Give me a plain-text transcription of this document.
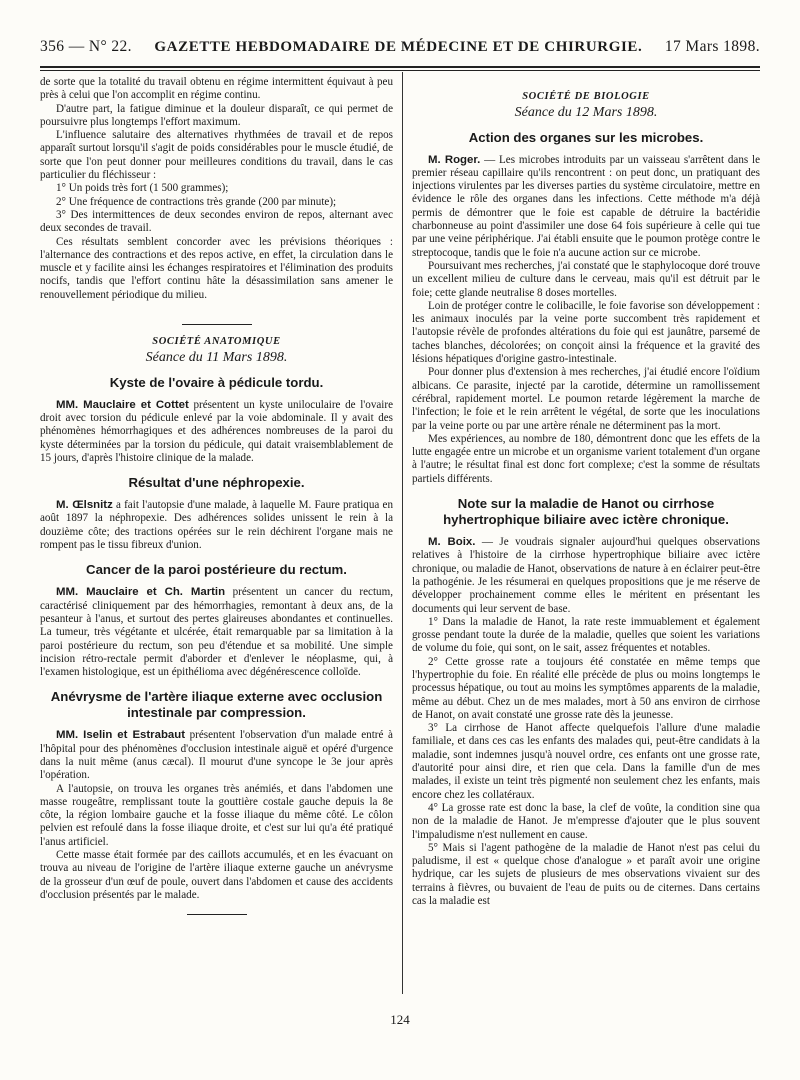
356 — N° 22. GAZETTE HEBDOMADAIRE DE MÉDECINE ET DE CHIRURGIE. 17 Mars 1898.

de sorte que la totalité du travail obtenu en régime intermittent équivaut à peu près à celui que l'on accomplit en régime continu.

D'autre part, la fatigue diminue et la douleur disparaît, ce qui permet de poursuivre plus longtemps l'effort maximum.

L'influence salutaire des alternatives rhythmées de travail et de repos apparaît surtout lorsqu'il s'agit de poids considérables pour le muscle étudié, de sorte que l'on peut donner pour meilleures conditions du travail, dans le cas particulier du fléchisseur :

1° Un poids très fort (1 500 grammes);

2° Une fréquence de contractions très grande (200 par minute);

3° Des intermittences de deux secondes environ de repos, alternant avec deux secondes de travail.

Ces résultats semblent concorder avec les prévisions théoriques : l'alternance des contractions et des repos active, en effet, la circulation dans le muscle et y facilite ainsi les échanges respiratoires et l'élimination des produits nocifs, tandis que l'effort continu hâte la désassimilation sans amener le renouvellement périodique du milieu.

SOCIÉTÉ ANATOMIQUE
Séance du 11 Mars 1898.
Kyste de l'ovaire à pédicule tordu.

MM. Mauclaire et Cottet présentent un kyste uniloculaire de l'ovaire droit avec torsion du pédicule enlevé par la voie abdominale. Il y avait des phénomènes hémorrhagiques et des adhérences nombreuses de la paroi du kyste déterminées par la torsion du pédicule, qui datait vraisemblablement de 15 jours, d'après l'histoire clinique de la malade.

Résultat d'une néphropexie.

M. Œlsnitz a fait l'autopsie d'une malade, à laquelle M. Faure pratiqua en août 1897 la néphropexie. Des adhérences solides unissent le rein à la douzième côte; des tractions opérées sur le rein déchirent l'organe mais ne rompent pas le tissu fibreux d'union.

Cancer de la paroi postérieure du rectum.

MM. Mauclaire et Ch. Martin présentent un cancer du rectum, caractérisé cliniquement par des hémorrhagies, remontant à deux ans, de la pesanteur à l'anus, et surtout des pertes glaireuses abondantes et continuelles. La tumeur, très végétante et ulcérée, était remarquable par sa limitation à la paroi postérieure du rectum, son peu d'étendue et sa mobilité. Une simple incision rétro-rectale permit d'aborder et d'enlever le néoplasme, qui, à l'examen histologique, est un épithélioma avec dégénérescence colloïde.

Anévrysme de l'artère iliaque externe avec occlusion intestinale par compression.

MM. Iselin et Estrabaut présentent l'observation d'un malade entré à l'hôpital pour des phénomènes d'occlusion intestinale aiguë et opéré d'urgence dans la nuit même (anus cæcal). Il mourut d'une syncope le 3e jour après l'opération.

A l'autopsie, on trouva les organes très anémiés, et dans l'abdomen une masse rougeâtre, remplissant toute la gouttière costale gauche depuis la 8e côte, la région lombaire gauche et la fosse iliaque du même côté. Le côlon pelvien est refoulé dans la fosse iliaque droite, et c'est sur lui qu'a été pratiqué l'anus artificiel.

Cette masse était formée par des caillots accumulés, et en les évacuant on trouva au niveau de l'origine de l'artère iliaque externe gauche un anévrysme de la grosseur d'un œuf de poule, ouvert dans l'abdomen et cause des accidents d'occlusion présentés par le malade.

SOCIÉTÉ DE BIOLOGIE
Séance du 12 Mars 1898.
Action des organes sur les microbes.

M. Roger. — Les microbes introduits par un vaisseau s'arrêtent dans le premier réseau capillaire qu'ils rencontrent : on peut donc, un pratiquant des injections virulentes par les diverses parties du système circulatoire, mettre en évidence le rôle des organes dans les infections. Cette méthode m'a déjà permis de démontrer que le foie est capable de détruire la bactéridie charbonneuse au point d'assimiler une dose 64 fois supérieure à celle qui tue par une veine périphérique. J'ai établi ensuite que le poumon protège contre le streptocoque, tandis que le foie n'a aucune action sur ce microbe.

Poursuivant mes recherches, j'ai constaté que le staphylocoque doré trouve un excellent milieu de culture dans le cerveau, mais qu'il est détruit par le foie; cette glande neutralise 8 doses mortelles.

Loin de protéger contre le colibacille, le foie favorise son développement : les animaux inoculés par la veine porte succombent très rapidement et l'autopsie révèle de profondes altérations du foie qui est jaunâtre, parsemé de taches blanches, décolorées; on conçoit ainsi la fréquence et la gravité des lésions hépatiques d'origine gastro-intestinale.

Pour donner plus d'extension à mes recherches, j'ai étudié encore l'oïdium albicans. Ce parasite, injecté par la carotide, détermine un ramollissement cérébral, rapidement mortel. Le poumon retarde légèrement la marche de l'infection; le foie et le rein arrêtent le végétal, de sorte que les inoculations par la veine porte ou par une artère rénale ne déterminent pas la mort.

Mes expériences, au nombre de 180, démontrent donc que les effets de la lutte engagée entre un microbe et un organisme varient totalement d'un organe à l'autre; le résultat final est donc fort complexe; c'est la somme de résultats partiels différents.

Note sur la maladie de Hanot ou cirrhose hyhertrophique biliaire avec ictère chronique.

M. Boix. — Je voudrais signaler aujourd'hui quelques observations relatives à l'histoire de la cirrhose hypertrophique biliaire avec ictère chronique, ou maladie de Hanot, observations de nature à en éclairer peut-être la pathogénie. Je les résumerai en quelques propositions que je me réserve de développer prochainement comme elles le méritent en présentant les documents qui leur servent de base.

1° Dans la maladie de Hanot, la rate reste immuablement et également grosse pendant toute la durée de la maladie, quelles que soient les variations de volume du foie, qui sont, on le sait, assez fréquentes et notables.

2° Cette grosse rate a toujours été constatée en même temps que l'hypertrophie du foie. En réalité elle précède de plus ou moins longtemps le processus hépatique, ou tout au moins les symptômes apparents de la maladie, même au début. Chez un de mes malades, mort à 50 ans environ de cirrhose de Hanot, on avait constaté une grosse rate dès la jeunesse.

3° La cirrhose de Hanot affecte quelquefois l'allure d'une maladie familiale, et dans ces cas les enfants des malades qui, peut-être candidats à la maladie, sont indemnes jusqu'à nouvel ordre, ces enfants ont une grosse rate, d'autorité pour ainsi dire, et rien que cela. Dans la famille d'un de mes malades, il existe un teint très pigmenté non seulement chez les enfants, mais encore chez les collatéraux.

4° La grosse rate est donc la base, la clef de voûte, la condition sine qua non de la maladie de Hanot. Je m'empresse d'ajouter que le plus souvent l'impaludisme n'est nullement en cause.

5° Mais si l'agent pathogène de la maladie de Hanot n'est pas celui du paludisme, il est « quelque chose d'analogue » et paraît avoir une origine hydrique, car les sujets de plusieurs de mes observations vivaient sur des terrains à fièvres, ou buvaient de l'eau de puits ou de citernes. Dans certains cas la maladie est

124
